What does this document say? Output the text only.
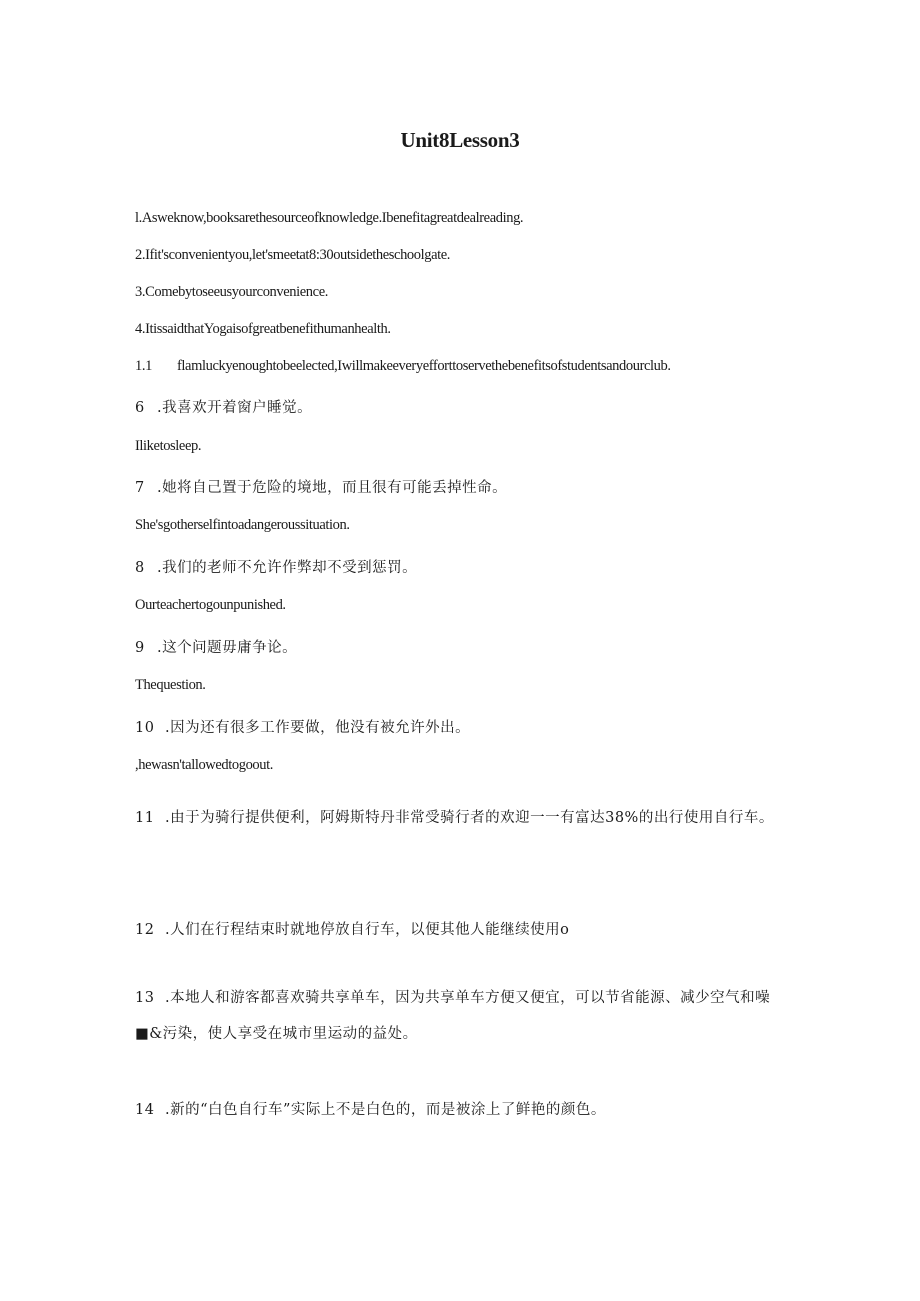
Unit8Lesson3
l.Asweknow,booksarethesourceofknowledge.Ibenefitagreatdealreading.
2.Ifit'sconvenientyou,let'smeetat8:30outsidetheschoolgate.
3.Comebytoseeusyourconvenience.
4.ItissaidthatYogaisofgreatbenefithumanhealth.
1.1 flamluckyenoughtobeelected,Iwillmakeeveryefforttoservethebenefitsofstudentsandourclub.
6 .我喜欢开着窗户睡觉。
Iliketosleep.
7 .她将自己置于危险的境地，而且很有可能丢掉性命。
She'sgotherselfintoadangeroussituation.
8 .我们的老师不允许作弊却不受到惩罚。
Ourteachertogounpunished.
9 .这个问题毋庸争论。
Thequestion.
10 .因为还有很多工作要做，他没有被允许外出。
,hewasn'tallowedtogoout.
11 .由于为骑行提供便利，阿姆斯特丹非常受骑行者的欢迎一一有富达38%的出行使用自行车。
12 .人们在行程结束时就地停放自行车，以便其他人能继续使用o
13 .本地人和游客都喜欢骑共享单车，因为共享单车方便又便宜，可以节省能源、减少空气和噪■&污染，使人享受在城市里运动的益处。
14 .新的“白色自行车”实际上不是白色的，而是被涂上了鲜艳的颜色。
